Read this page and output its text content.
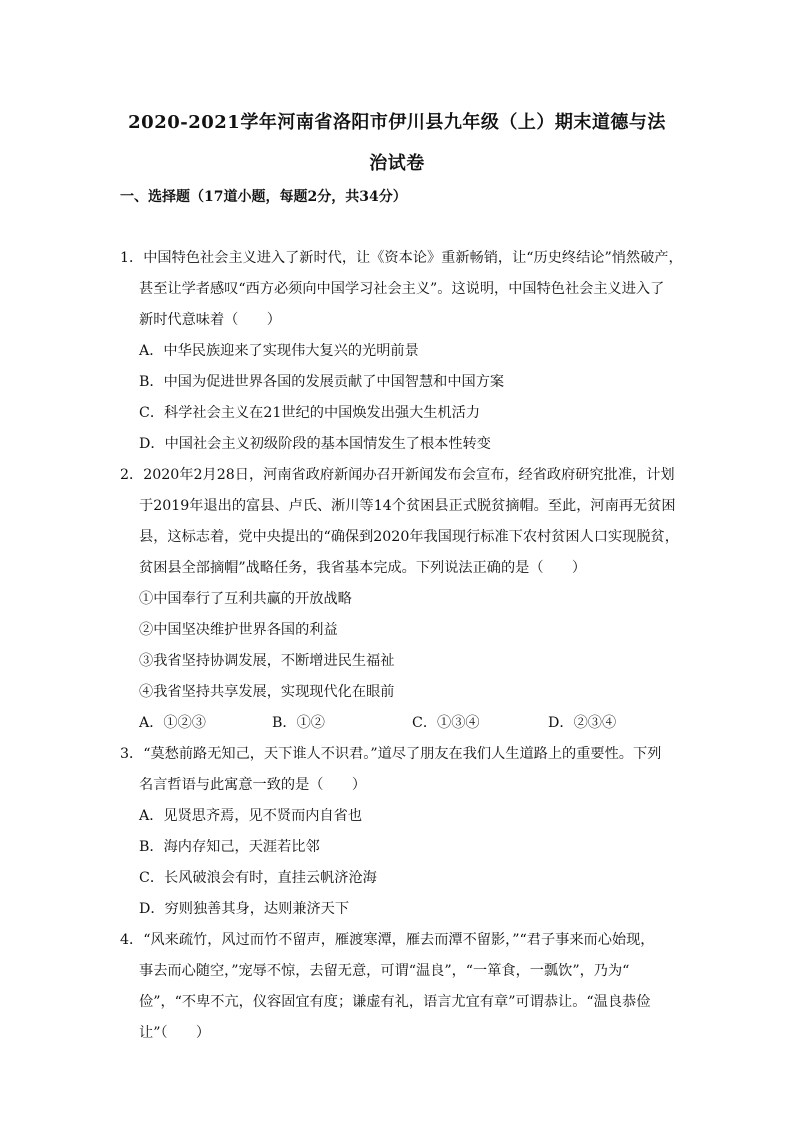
2020-2021学年河南省洛阳市伊川县九年级（上）期末道德与法
治试卷
一、选择题（17道小题，每题2分，共34分）
1．中国特色社会主义进入了新时代，让《资本论》重新畅销，让“历史终结论”悄然破产，
甚至让学者感叹“西方必须向中国学习社会主义”。这说明，中国特色社会主义进入了
新时代意味着（　　）
A．中华民族迎来了实现伟大复兴的光明前景
B．中国为促进世界各国的发展贡献了中国智慧和中国方案
C．科学社会主义在21世纪的中国焕发出强大生机活力
D．中国社会主义初级阶段的基本国情发生了根本性转变
2．2020年2月28日，河南省政府新闻办召开新闻发布会宣布，经省政府研究批准，计划
于2019年退出的富县、卢氏、淅川等14个贫困县正式脱贫摘帽。至此，河南再无贫困
县，这标志着，党中央提出的“确保到2020年我国现行标准下农村贫困人口实现脱贫，
贫困县全部摘帽”战略任务，我省基本完成。下列说法正确的是（　　）
①中国奉行了互利共赢的开放战略
②中国坚决维护世界各国的利益
③我省坚持协调发展，不断增进民生福祉
④我省坚持共享发展，实现现代化在眼前
A．①②③	B．①②	C．①③④	D．②③④
3．“莫愁前路无知己，天下谁人不识君。”道尽了朋友在我们人生道路上的重要性。下列
名言哲语与此寓意一致的是（　　）
A．见贤思齐焉，见不贤而内自省也
B．海内存知己，天涯若比邻
C．长风破浪会有时，直挂云帆济沧海
D．穷则独善其身，达则兼济天下
4．“风来疏竹，风过而竹不留声，雁渡寒潭，雁去而潭不留影，”“君子事来而心始现，
事去而心随空，”宠辱不惊，去留无意，可谓“温良”，“一箪食，一瓢饮”，乃为“
俭”，“不卑不亢，仪容固宜有度；谦虚有礼，语言尤宜有章”可谓恭让。“温良恭俭
让”（　　）
